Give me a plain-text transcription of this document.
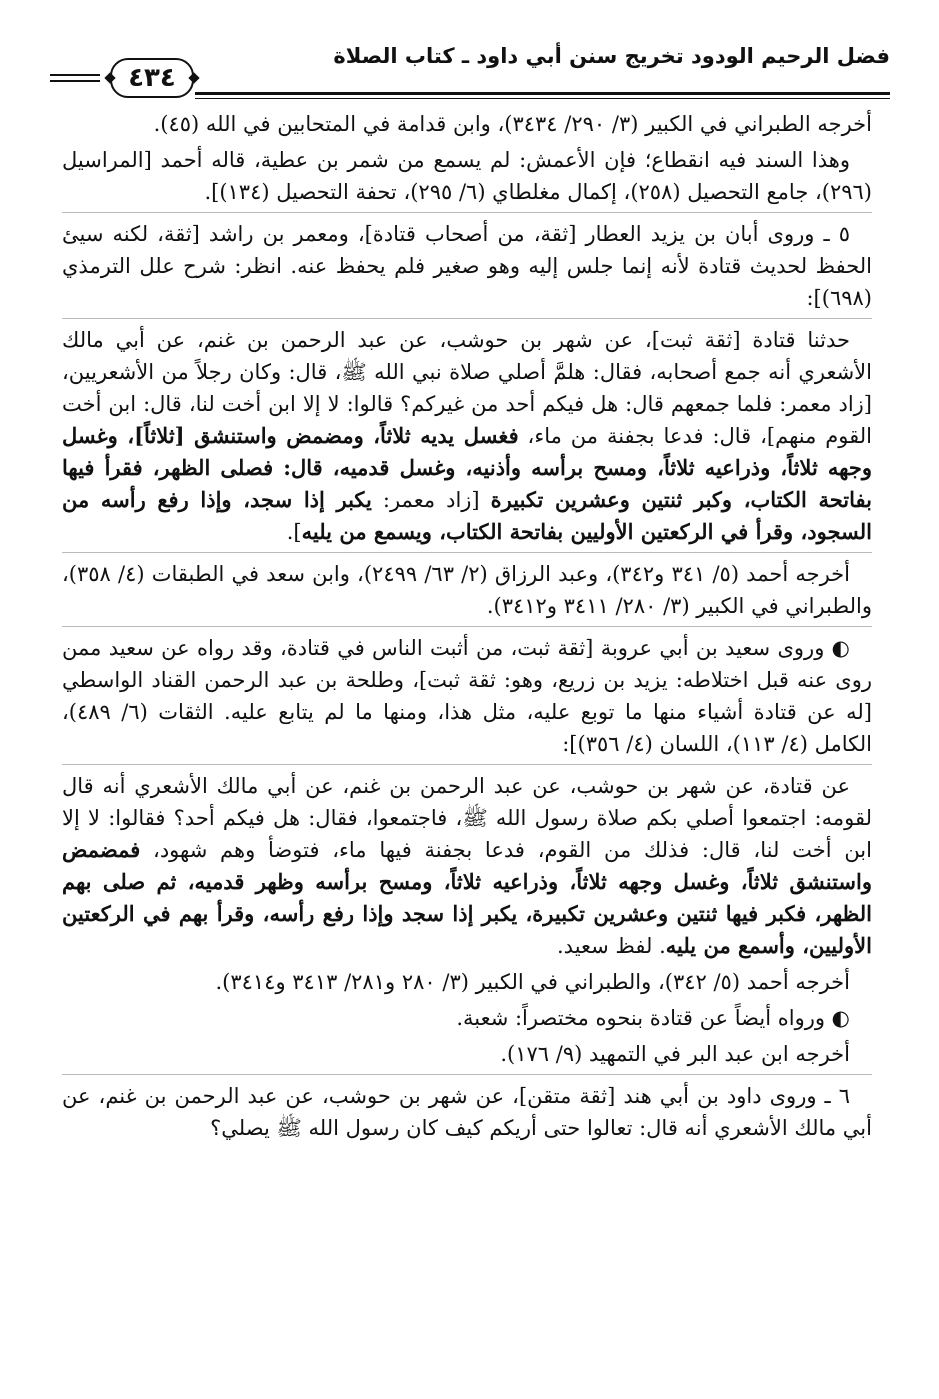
فضل الرحيم الودود تخريج سنن أبي داود ـ كتاب الصلاة
٤٣٤

أخرجه الطبراني في الكبير (٣/ ٢٩٠/ ٣٤٣٤)، وابن قدامة في المتحابين في الله (٤٥).

وهذا السند فيه انقطاع؛ فإن الأعمش: لم يسمع من شمر بن عطية، قاله أحمد [المراسيل (٢٩٦)، جامع التحصيل (٢٥٨)، إكمال مغلطاي (٦/ ٢٩٥)، تحفة التحصيل (١٣٤)].

٥ ـ وروى أبان بن يزيد العطار [ثقة، من أصحاب قتادة]، ومعمر بن راشد [ثقة، لكنه سيئ الحفظ لحديث قتادة لأنه إنما جلس إليه وهو صغير فلم يحفظ عنه. انظر: شرح علل الترمذي (٦٩٨)]:

حدثنا قتادة [ثقة ثبت]، عن شهر بن حوشب، عن عبد الرحمن بن غنم، عن أبي مالك الأشعري أنه جمع أصحابه، فقال: هلمَّ أصلي صلاة نبي الله ﷺ، قال: وكان رجلاً من الأشعريين، [زاد معمر: فلما جمعهم قال: هل فيكم أحد من غيركم؟ قالوا: لا إلا ابن أخت لنا، قال: ابن أخت القوم منهم]، قال: فدعا بجفنة من ماء، فغسل يديه ثلاثاً، ومضمض واستنشق [ثلاثاً]، وغسل وجهه ثلاثاً، وذراعيه ثلاثاً، ومسح برأسه وأذنيه، وغسل قدميه، قال: فصلى الظهر، فقرأ فيها بفاتحة الكتاب، وكبر ثنتين وعشرين تكبيرة [زاد معمر: يكبر إذا سجد، وإذا رفع رأسه من السجود، وقرأ في الركعتين الأوليين بفاتحة الكتاب، ويسمع من يليه].

أخرجه أحمد (٥/ ٣٤١ و٣٤٢)، وعبد الرزاق (٢/ ٦٣/ ٢٤٩٩)، وابن سعد في الطبقات (٤/ ٣٥٨)، والطبراني في الكبير (٣/ ٢٨٠/ ٣٤١١ و٣٤١٢).

◐ وروى سعيد بن أبي عروبة [ثقة ثبت، من أثبت الناس في قتادة، وقد رواه عن سعيد ممن روى عنه قبل اختلاطه: يزيد بن زريع، وهو: ثقة ثبت]، وطلحة بن عبد الرحمن القناد الواسطي [له عن قتادة أشياء منها ما توبع عليه، مثل هذا، ومنها ما لم يتابع عليه. الثقات (٦/ ٤٨٩)، الكامل (٤/ ١١٣)، اللسان (٤/ ٣٥٦)]:

عن قتادة، عن شهر بن حوشب، عن عبد الرحمن بن غنم، عن أبي مالك الأشعري أنه قال لقومه: اجتمعوا أصلي بكم صلاة رسول الله ﷺ، فاجتمعوا، فقال: هل فيكم أحد؟ فقالوا: لا إلا ابن أخت لنا، قال: فذلك من القوم، فدعا بجفنة فيها ماء، فتوضأ وهم شهود، فمضمض واستنشق ثلاثاً، وغسل وجهه ثلاثاً، وذراعيه ثلاثاً، ومسح برأسه وظهر قدميه، ثم صلى بهم الظهر، فكبر فيها ثنتين وعشرين تكبيرة، يكبر إذا سجد وإذا رفع رأسه، وقرأ بهم في الركعتين الأوليين، وأسمع من يليه. لفظ سعيد.

أخرجه أحمد (٥/ ٣٤٢)، والطبراني في الكبير (٣/ ٢٨٠ و٢٨١/ ٣٤١٣ و٣٤١٤).

◐ ورواه أيضاً عن قتادة بنحوه مختصراً: شعبة.

أخرجه ابن عبد البر في التمهيد (٩/ ١٧٦).

٦ ـ وروى داود بن أبي هند [ثقة متقن]، عن شهر بن حوشب، عن عبد الرحمن بن غنم، عن أبي مالك الأشعري أنه قال: تعالوا حتى أريكم كيف كان رسول الله ﷺ يصلي؟
